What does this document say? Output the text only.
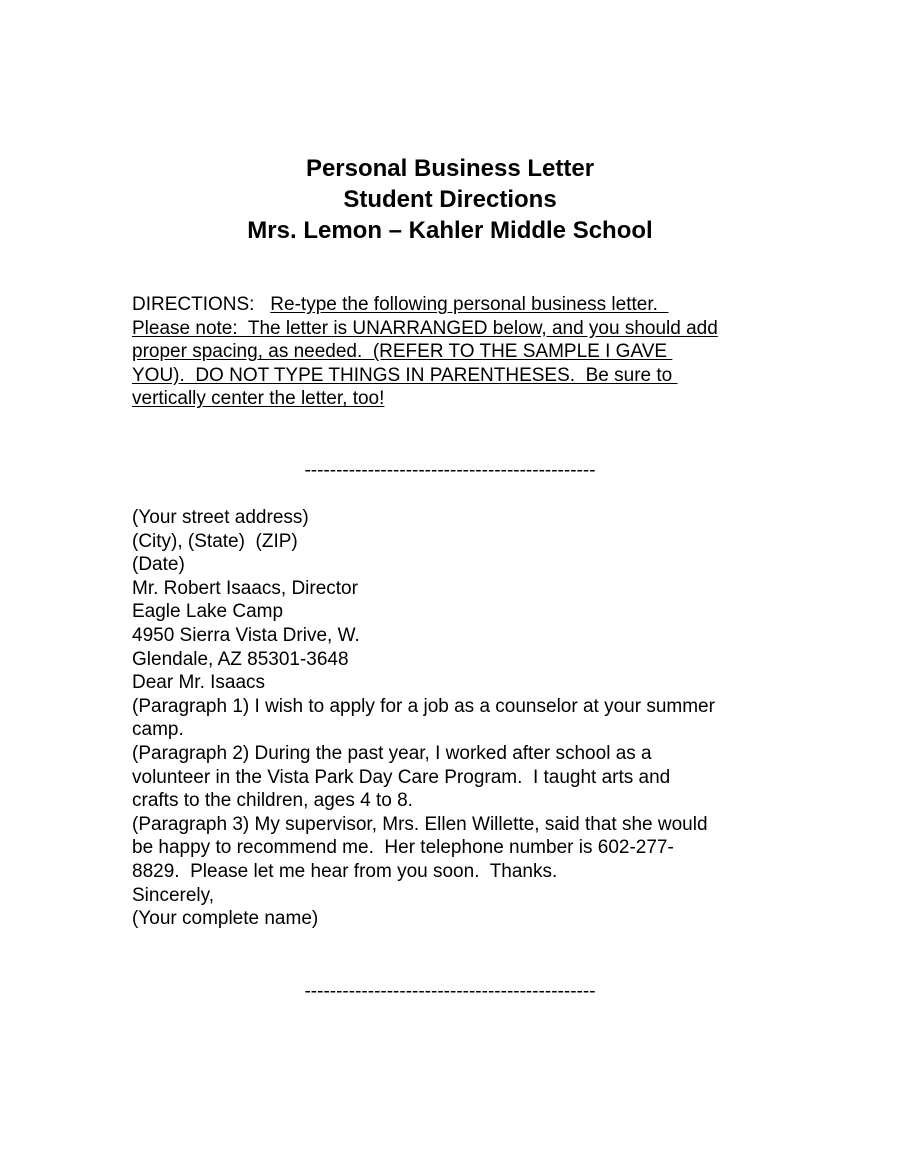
Personal Business Letter
Student Directions
Mrs. Lemon – Kahler Middle School
DIRECTIONS: Re-type the following personal business letter.
Please note:  The letter is UNARRANGED below, and you should add
proper spacing, as needed.  (REFER TO THE SAMPLE I GAVE
YOU).  DO NOT TYPE THINGS IN PARENTHESES.  Be sure to
vertically center the letter, too!
----------------------------------------------
(Your street address)
(City), (State)  (ZIP)
(Date)
Mr. Robert Isaacs, Director
Eagle Lake Camp
4950 Sierra Vista Drive, W.
Glendale, AZ 85301-3648
Dear Mr. Isaacs
(Paragraph 1) I wish to apply for a job as a counselor at your summer
camp.
(Paragraph 2) During the past year, I worked after school as a
volunteer in the Vista Park Day Care Program.  I taught arts and
crafts to the children, ages 4 to 8.
(Paragraph 3) My supervisor, Mrs. Ellen Willette, said that she would
be happy to recommend me.  Her telephone number is 602-277-
8829.  Please let me hear from you soon.  Thanks.
Sincerely,
(Your complete name)
----------------------------------------------
